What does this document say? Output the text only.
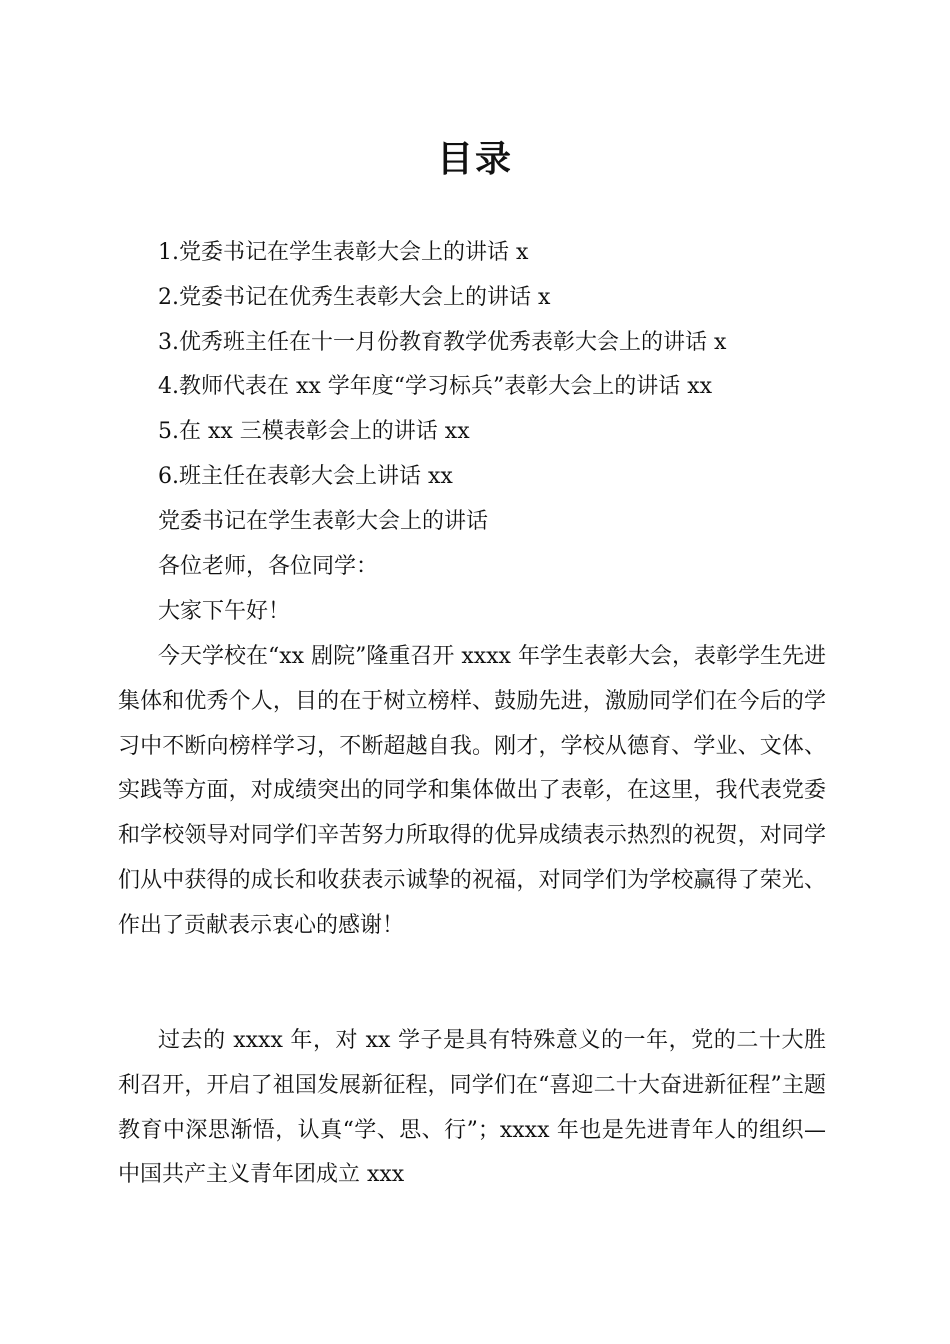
目录
1.党委书记在学生表彰大会上的讲话 x
2.党委书记在优秀生表彰大会上的讲话 x
3.优秀班主任在十一月份教育教学优秀表彰大会上的讲话 x
4.教师代表在 xx 学年度“学习标兵”表彰大会上的讲话 xx
5.在 xx 三模表彰会上的讲话 xx
6.班主任在表彰大会上讲话 xx
党委书记在学生表彰大会上的讲话
各位老师，各位同学：
大家下午好！

今天学校在“xx 剧院”隆重召开 xxxx 年学生表彰大会，表彰学生先进集体和优秀个人，目的在于树立榜样、鼓励先进，激励同学们在今后的学习中不断向榜样学习，不断超越自我。刚才，学校从德育、学业、文体、实践等方面，对成绩突出的同学和集体做出了表彰，在这里，我代表党委和学校领导对同学们辛苦努力所取得的优异成绩表示热烈的祝贺，对同学们从中获得的成长和收获表示诚挚的祝福，对同学们为学校赢得了荣光、作出了贡献表示衷心的感谢！

过去的 xxxx 年，对 xx 学子是具有特殊意义的一年，党的二十大胜利召开，开启了祖国发展新征程，同学们在“喜迎二十大奋进新征程”主题教育中深思渐悟，认真“学、思、行”；xxxx 年也是先进青年人的组织—中国共产主义青年团成立 xxx
